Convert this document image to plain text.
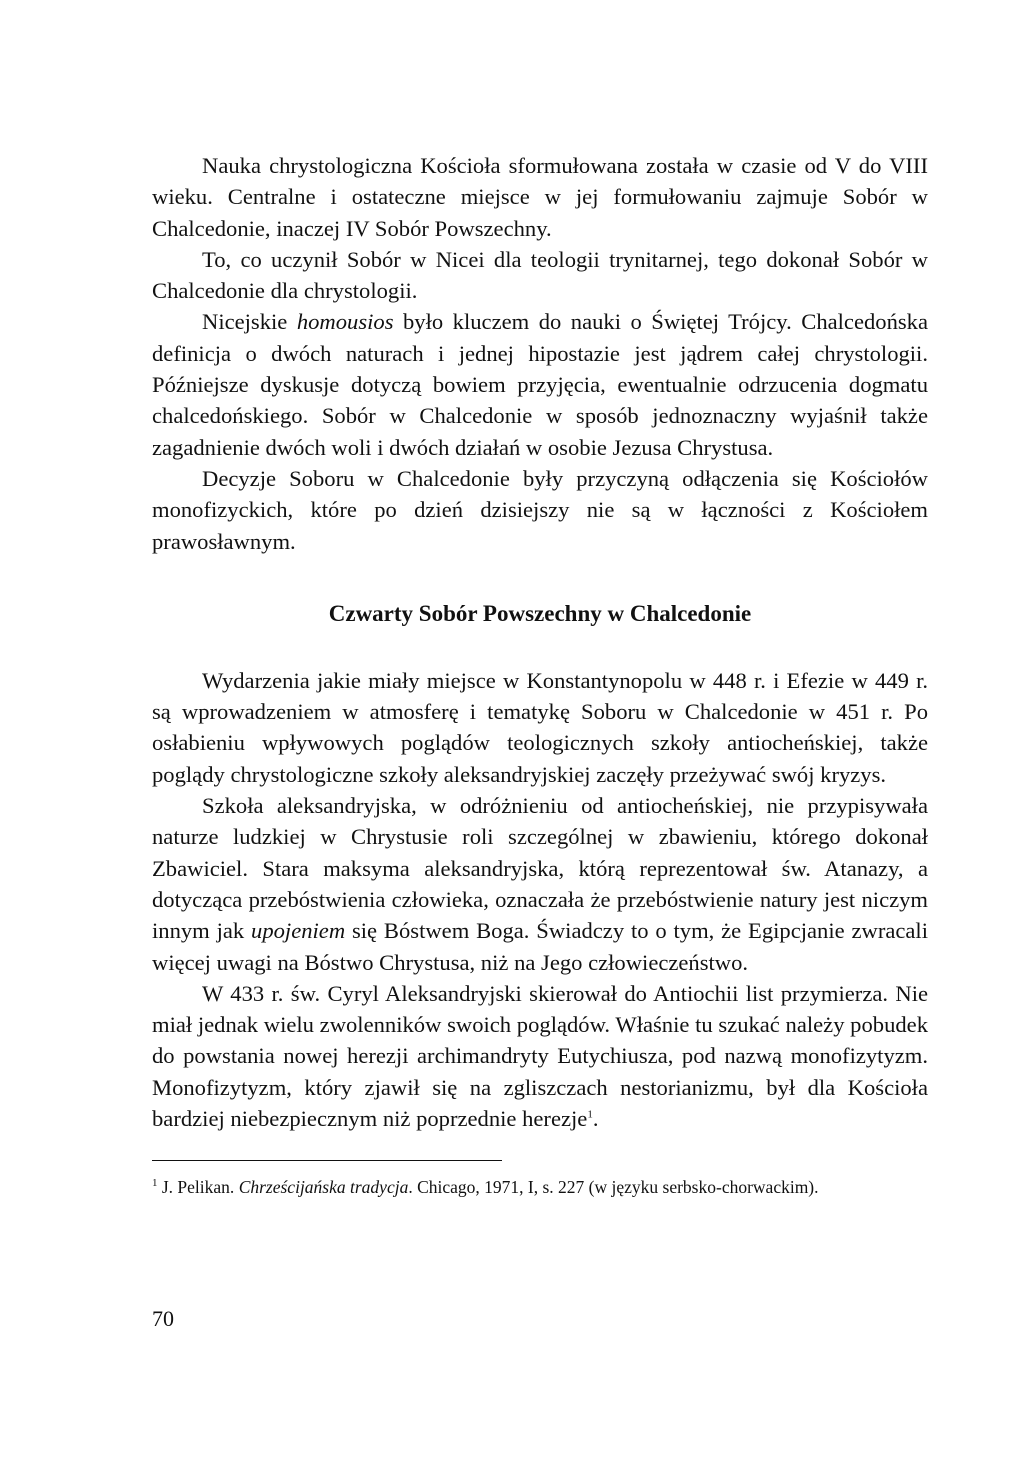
Nauka chrystologiczna Kościoła sformułowana została w czasie od V do VIII wieku. Centralne i ostateczne miejsce w jej formułowaniu zajmuje Sobór w Chalcedonie, inaczej IV Sobór Powszechny.

To, co uczynił Sobór w Nicei dla teologii trynitarnej, tego dokonał Sobór w Chalcedonie dla chrystologii.

Nicejskie homousios było kluczem do nauki o Świętej Trójcy. Chalcedońska definicja o dwóch naturach i jednej hipostazie jest jądrem całej chrystologii. Późniejsze dyskusje dotyczą bowiem przyjęcia, ewentualnie odrzucenia dogmatu chalcedońskiego. Sobór w Chalcedonie w sposób jednoznaczny wyjaśnił także zagadnienie dwóch woli i dwóch działań w osobie Jezusa Chrystusa.

Decyzje Soboru w Chalcedonie były przyczyną odłączenia się Kościołów monofizyckich, które po dzień dzisiejszy nie są w łączności z Kościołem prawosławnym.

Czwarty Sobór Powszechny w Chalcedonie

Wydarzenia jakie miały miejsce w Konstantynopolu w 448 r. i Efezie w 449 r. są wprowadzeniem w atmosferę i tematykę Soboru w Chalcedonie w 451 r. Po osłabieniu wpływowych poglądów teologicznych szkoły antiocheńskiej, także poglądy chrystologiczne szkoły aleksandryjskiej zaczęły przeżywać swój kryzys.

Szkoła aleksandryjska, w odróżnieniu od antiocheńskiej, nie przypisywała naturze ludzkiej w Chrystusie roli szczególnej w zbawieniu, którego dokonał Zbawiciel. Stara maksyma aleksandryjska, którą reprezentował św. Atanazy, a dotycząca przebóstwienia człowieka, oznaczała że przebóstwienie natury jest niczym innym jak upojeniem się Bóstwem Boga. Świadczy to o tym, że Egipcjanie zwracali więcej uwagi na Bóstwo Chrystusa, niż na Jego człowieczeństwo.

W 433 r. św. Cyryl Aleksandryjski skierował do Antiochii list przymierza. Nie miał jednak wielu zwolenników swoich poglądów. Właśnie tu szukać należy pobudek do powstania nowej herezji archimandryty Eutychiusza, pod nazwą monofizytyzm. Monofizytyzm, który zjawił się na zgliszczach nestorianizmu, był dla Kościoła bardziej niebezpiecznym niż poprzednie herezje$^1$.

$^1$ J. Pelikan. Chrześcijańska tradycja. Chicago, 1971, I, s. 227 (w języku serbsko-chorwackim).

70
